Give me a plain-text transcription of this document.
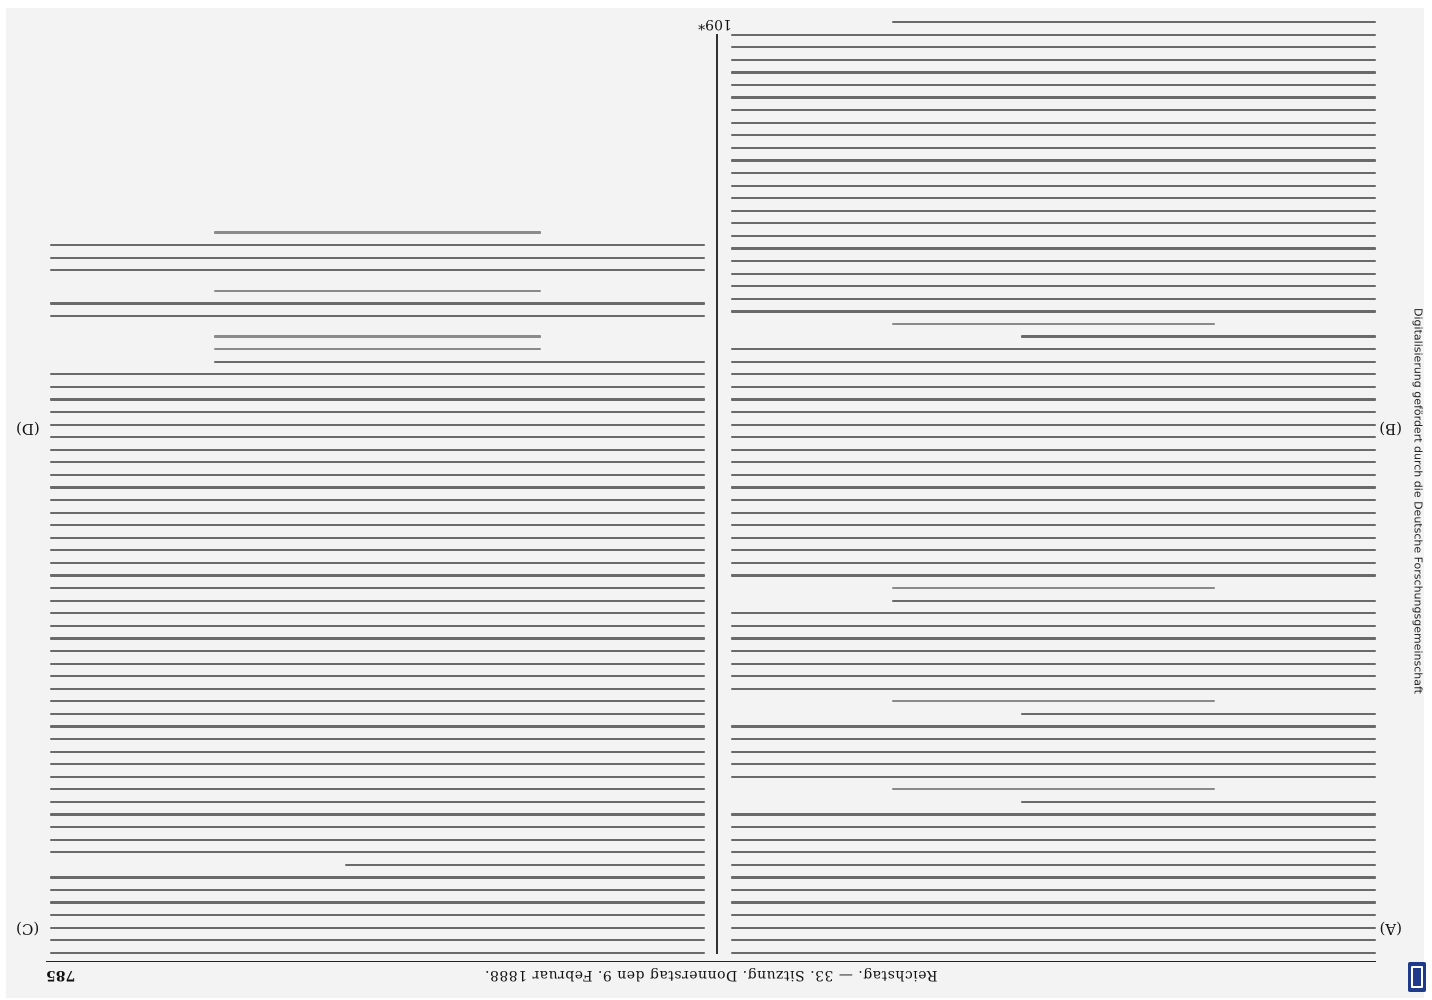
Reichstag. — 33. Sitzung. Donnerstag den 9. Februar 1888.
785
(A)
(B)
(C)
(D)
109*
Digitalisierung gefördert durch die Deutsche Forschungsgemeinschaft
